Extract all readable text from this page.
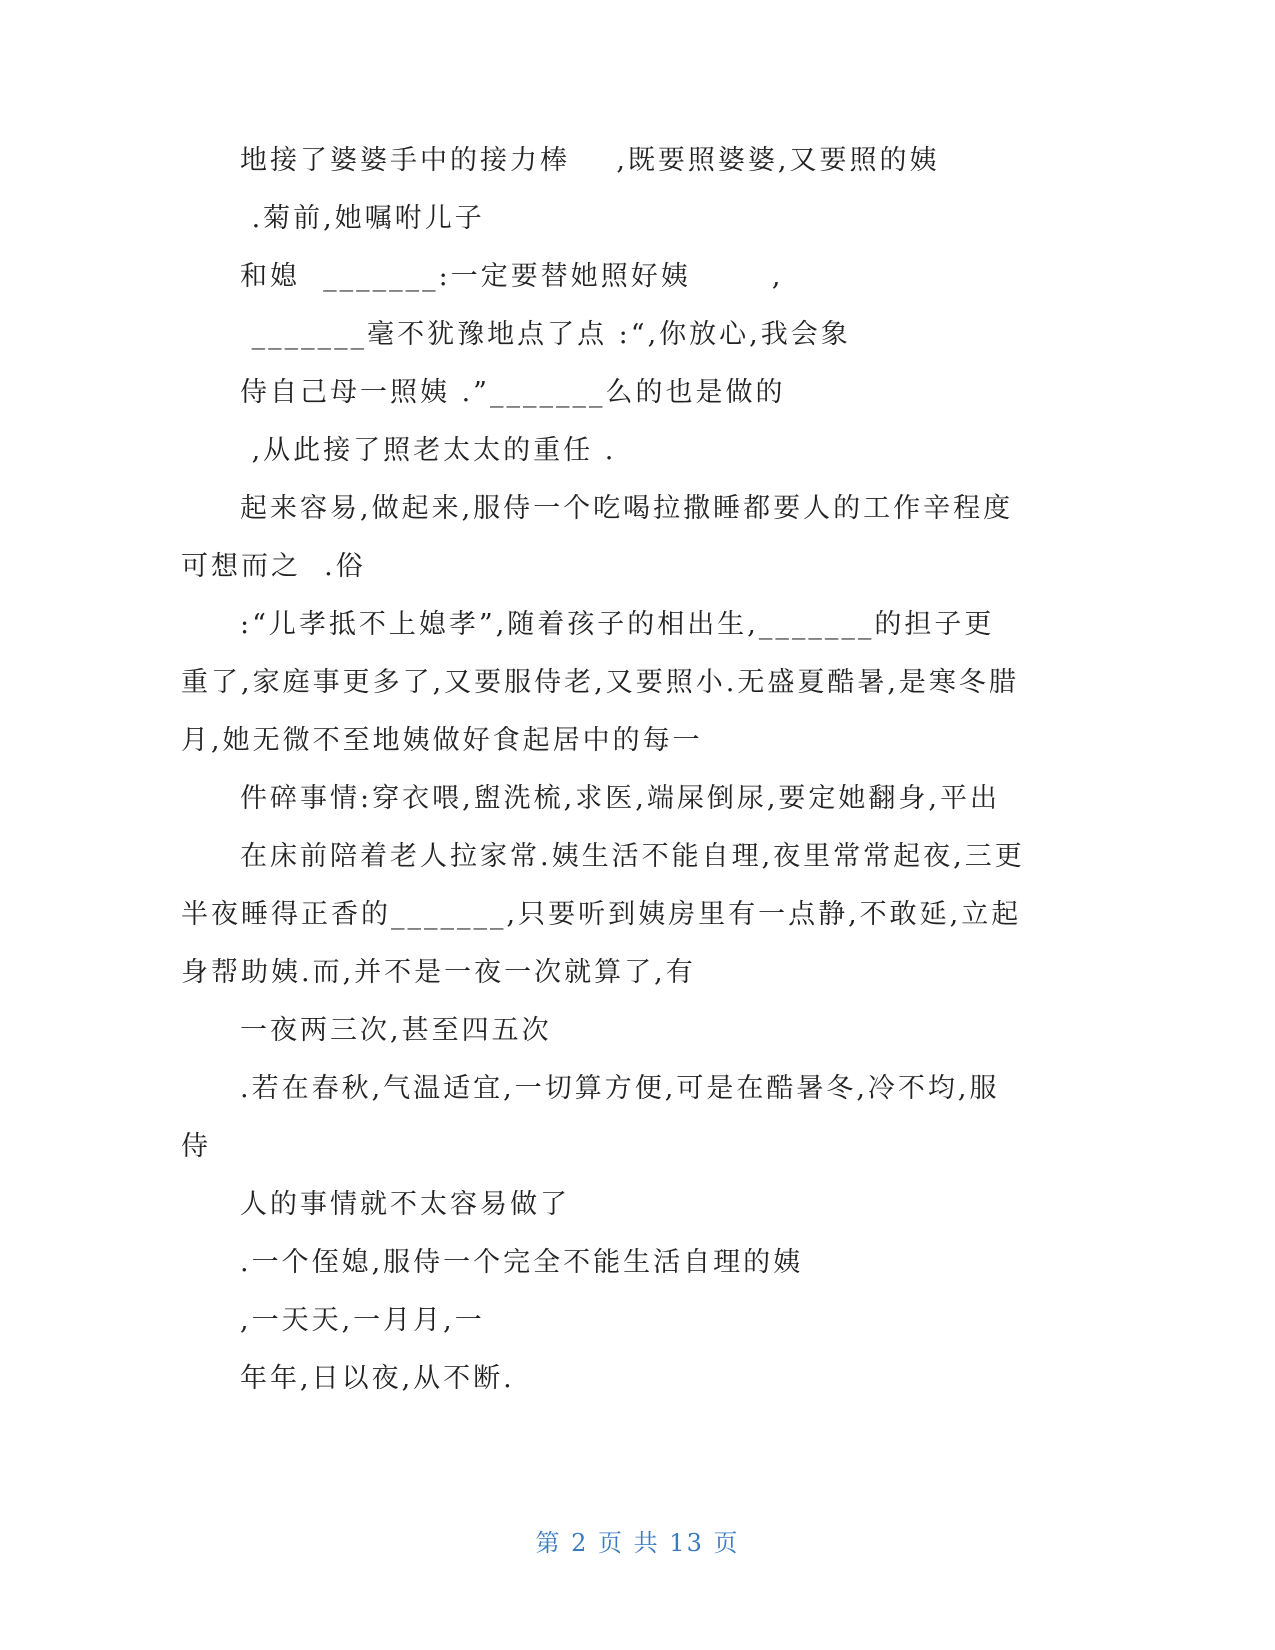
地接了婆婆手中的接力棒    ,既要照婆婆,又要照的姨
.菊前,她嘱咐儿子
和媳  _______:一定要替她照好姨       ,
_______毫不犹豫地点了点 :“,你放心,我会象
侍自己母一照姨 .”_______么的也是做的
,从此接了照老太太的重任 .
起来容易,做起来,服侍一个吃喝拉撒睡都要人的工作辛程度
可想而之  .俗
:“儿孝抵不上媳孝”,随着孩子的相出生,_______的担子更
重了,家庭事更多了,又要服侍老,又要照小.无盛夏酷暑,是寒冬腊
月,她无微不至地姨做好食起居中的每一
件碎事情:穿衣喂,盥洗梳,求医,端屎倒尿,要定她翻身,平出
在床前陪着老人拉家常.姨生活不能自理,夜里常常起夜,三更
半夜睡得正香的_______,只要听到姨房里有一点静,不敢延,立起
身帮助姨.而,并不是一夜一次就算了,有
一夜两三次,甚至四五次
.若在春秋,气温适宜,一切算方便,可是在酷暑冬,冷不均,服
侍
人的事情就不太容易做了
.一个侄媳,服侍一个完全不能生活自理的姨
,一天天,一月月,一
年年,日以夜,从不断.
第 2 页 共 13 页
